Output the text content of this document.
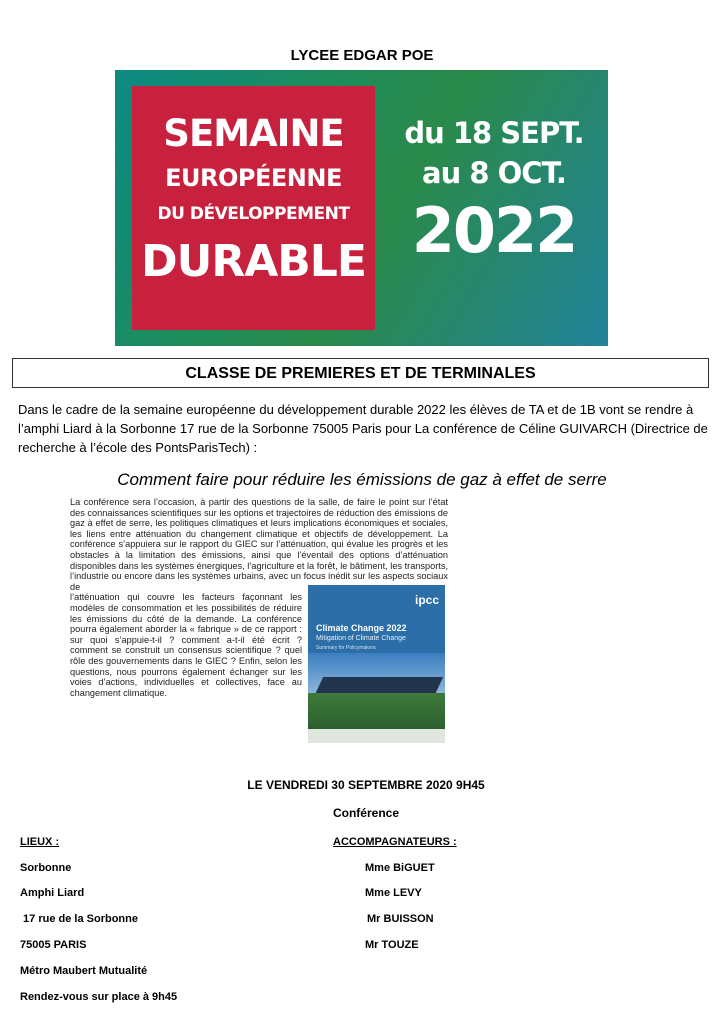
LYCEE EDGAR POE
SEMAINE
EUROPÉENNE
DU DÉVELOPPEMENT
DURABLE
du 18 SEPT.
au 8 OCT.
2022
CLASSE DE PREMIERES ET DE TERMINALES
Dans le cadre de la semaine européenne du développement durable 2022 les élèves de TA et de 1B vont se rendre à l’amphi Liard à la Sorbonne 17 rue de la Sorbonne 75005 Paris pour La conférence de Céline GUIVARCH (Directrice de recherche à l’école des PontsParisTech) :
Comment faire pour réduire les émissions de gaz à effet de serre

La conférence sera l’occasion, à partir des questions de la salle, de faire le point sur l’état des connaissances scientifiques sur les options et trajectoires de réduction des émissions de gaz à effet de serre, les politiques climatiques et leurs implications économiques et sociales, les liens entre atténuation du changement climatique et objectifs de développement. La conférence s’appuiera sur le rapport du GIEC sur l’atténuation, qui évalue les progrès et les obstacles à la limitation des émissions, ainsi que l’éventail des options d’atténuation disponibles dans les systèmes énergiques, l’agriculture et la forêt, le bâtiment, les transports, l’industrie ou encore dans les systèmes urbains, avec un focus inédit sur les aspects sociaux de

l’atténuation qui couvre les facteurs façonnant les modèles de consommation et les possibilités de réduire les émissions du côté de la demande. La conférence pourra également aborder la « fabrique » de ce rapport : sur quoi s’appuie-t-il ? comment a-t-il été écrit ? comment se construit un consensus scientifique ? quel rôle des gouvernements dans le GIEC ? Enfin, selon les questions, nous pourrons également échanger sur les voies d’actions, individuelles et collectives, face au changement climatique.

ipcc
Climate Change 2022
Mitigation of Climate Change
Summary for Policymakers
LE VENDREDI 30 SEPTEMBRE 2020 9H45
Conférence
LIEUX :
Sorbonne
Amphi Liard
17 rue de la Sorbonne
75005 PARIS
Métro Maubert Mutualité
Rendez-vous sur place à 9h45
ACCOMPAGNATEURS :
Mme BiGUET
Mme LEVY
Mr BUISSON
Mr TOUZE
